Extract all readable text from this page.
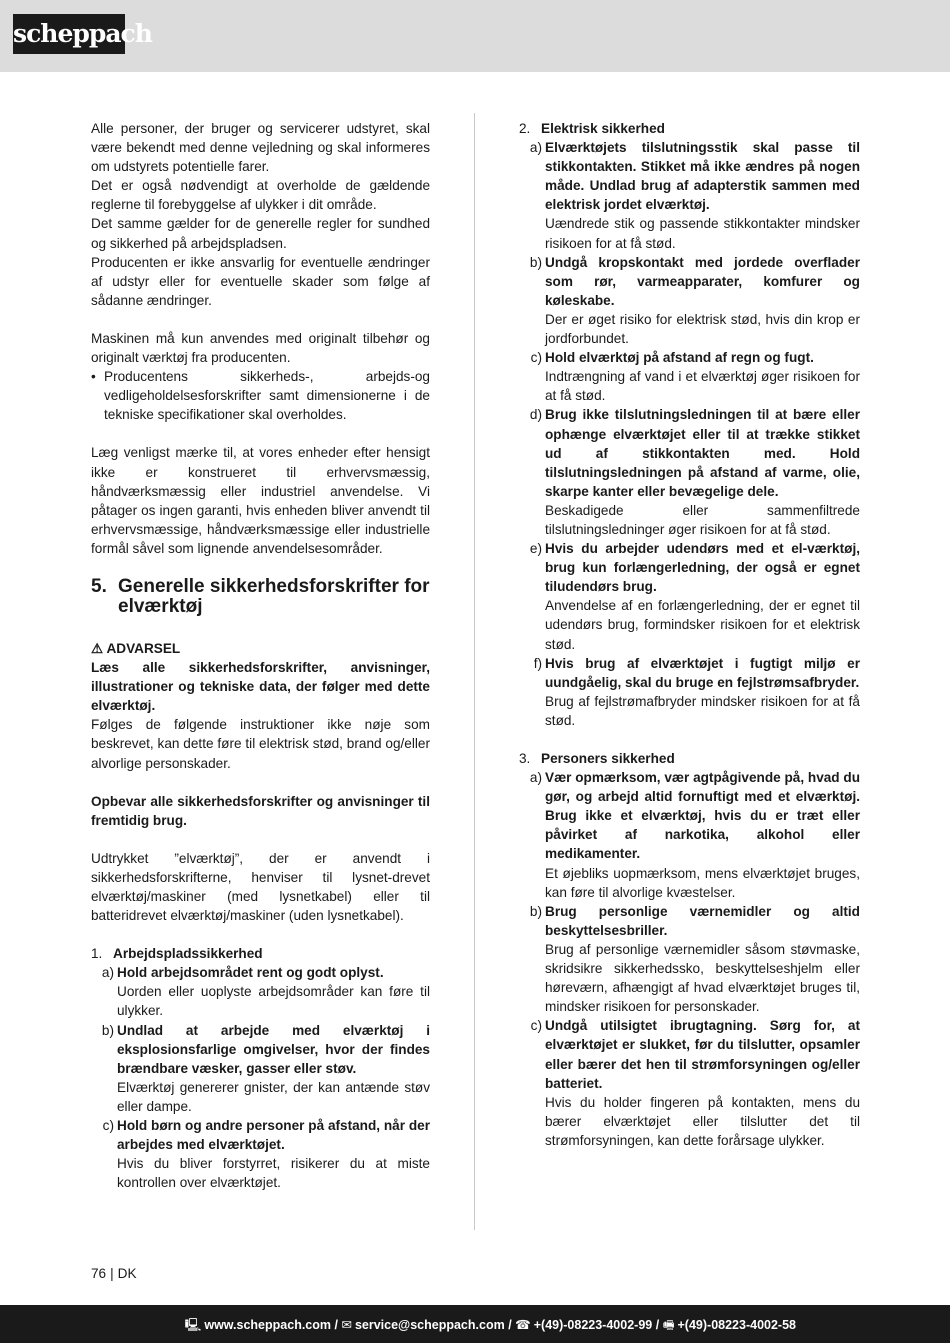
scheppach

Alle personer, der bruger og servicerer udstyret, skal være bekendt med denne vejledning og skal informeres om udstyrets potentielle farer.

Det er også nødvendigt at overholde de gældende reglerne til forebyggelse af ulykker i dit område.

Det samme gælder for de generelle regler for sundhed og sikkerhed på arbejdspladsen.

Producenten er ikke ansvarlig for eventuelle ændringer af udstyr eller for eventuelle skader som følge af sådanne ændringer.

Maskinen må kun anvendes med originalt tilbehør og originalt værktøj fra producenten.

• Producentens sikkerheds-, arbejds-og vedligeholdelsesforskrifter samt dimensionerne i de tekniske specifikationer skal overholdes.

Læg venligst mærke til, at vores enheder efter hensigt ikke er konstrueret til erhvervsmæssig, håndværksmæssig eller industriel anvendelse. Vi påtager os ingen garanti, hvis enheden bliver anvendt til erhvervsmæssige, håndværksmæssige eller industrielle formål såvel som lignende anvendelsesområder.

5. Generelle sikkerhedsforskrifter for elværktøj

⚠ ADVARSEL

Læs alle sikkerhedsforskrifter, anvisninger, illustrationer og tekniske data, der følger med dette elværktøj.

Følges de følgende instruktioner ikke nøje som beskrevet, kan dette føre til elektrisk stød, brand og/eller alvorlige personskader.

Opbevar alle sikkerhedsforskrifter og anvisninger til fremtidig brug.

Udtrykket ”elværktøj”, der er anvendt i sikkerhedsforskrifterne, henviser til lysnet-drevet elværktøj/maskiner (med lysnetkabel) eller til batteridrevet elværktøj/maskiner (uden lysnetkabel).

1. Arbejdspladssikkerhed

a) Hold arbejdsområdet rent og godt oplyst.
Uorden eller uoplyste arbejdsområder kan føre til ulykker.
b) Undlad at arbejde med elværktøj i eksplosionsfarlige omgivelser, hvor der findes brændbare væsker, gasser eller støv.
Elværktøj genererer gnister, der kan antænde støv eller dampe.
c) Hold børn og andre personer på afstand, når der arbejdes med elværktøjet.
Hvis du bliver forstyrret, risikerer du at miste kontrollen over elværktøjet.

2. Elektrisk sikkerhed

a) Elværktøjets tilslutningsstik skal passe til stikkontakten. Stikket må ikke ændres på nogen måde. Undlad brug af adapterstik sammen med elektrisk jordet elværktøj.
Uændrede stik og passende stikkontakter mindsker risikoen for at få stød.
b) Undgå kropskontakt med jordede overflader som rør, varmeapparater, komfurer og køleskabe.
Der er øget risiko for elektrisk stød, hvis din krop er jordforbundet.
c) Hold elværktøj på afstand af regn og fugt.
Indtrængning af vand i et elværktøj øger risikoen for at få stød.
d) Brug ikke tilslutningsledningen til at bære eller ophænge elværktøjet eller til at trække stikket ud af stikkontakten med. Hold tilslutningsledningen på afstand af varme, olie, skarpe kanter eller bevægelige dele.
Beskadigede eller sammenfiltrede tilslutningsledninger øger risikoen for at få stød.
e) Hvis du arbejder udendørs med et el-værktøj, brug kun forlængerledning, der også er egnet tiludendørs brug.
Anvendelse af en forlængerledning, der er egnet til udendørs brug, formindsker risikoen for et elektrisk stød.
f) Hvis brug af elværktøjet i fugtigt miljø er uundgåelig, skal du bruge en fejlstrømsafbryder.
Brug af fejlstrømafbryder mindsker risikoen for at få stød.

3. Personers sikkerhed

a) Vær opmærksom, vær agtpågivende på, hvad du gør, og arbejd altid fornuftigt med et elværktøj. Brug ikke et elværktøj, hvis du er træt eller påvirket af narkotika, alkohol eller medikamenter.
Et øjebliks uopmærksom, mens elværktøjet bruges, kan føre til alvorlige kvæstelser.
b) Brug personlige værnemidler og altid beskyttelsesbriller.
Brug af personlige værnemidler såsom støvmaske, skridsikre sikkerhedssko, beskyttelseshjelm eller høreværn, afhængigt af hvad elværktøjet bruges til, mindsker risikoen for personskader.
c) Undgå utilsigtet ibrugtagning. Sørg for, at elværktøjet er slukket, før du tilslutter, opsamler eller bærer det hen til strømforsyningen og/eller batteriet.
Hvis du holder fingeren på kontakten, mens du bærer elværktøjet eller tilslutter det til strømforsyningen, kan dette forårsage ulykker.
76 | DK
🖳 www.scheppach.com / ✉ service@scheppach.com / ☎ +(49)-08223-4002-99 / 🖷 +(49)-08223-4002-58
